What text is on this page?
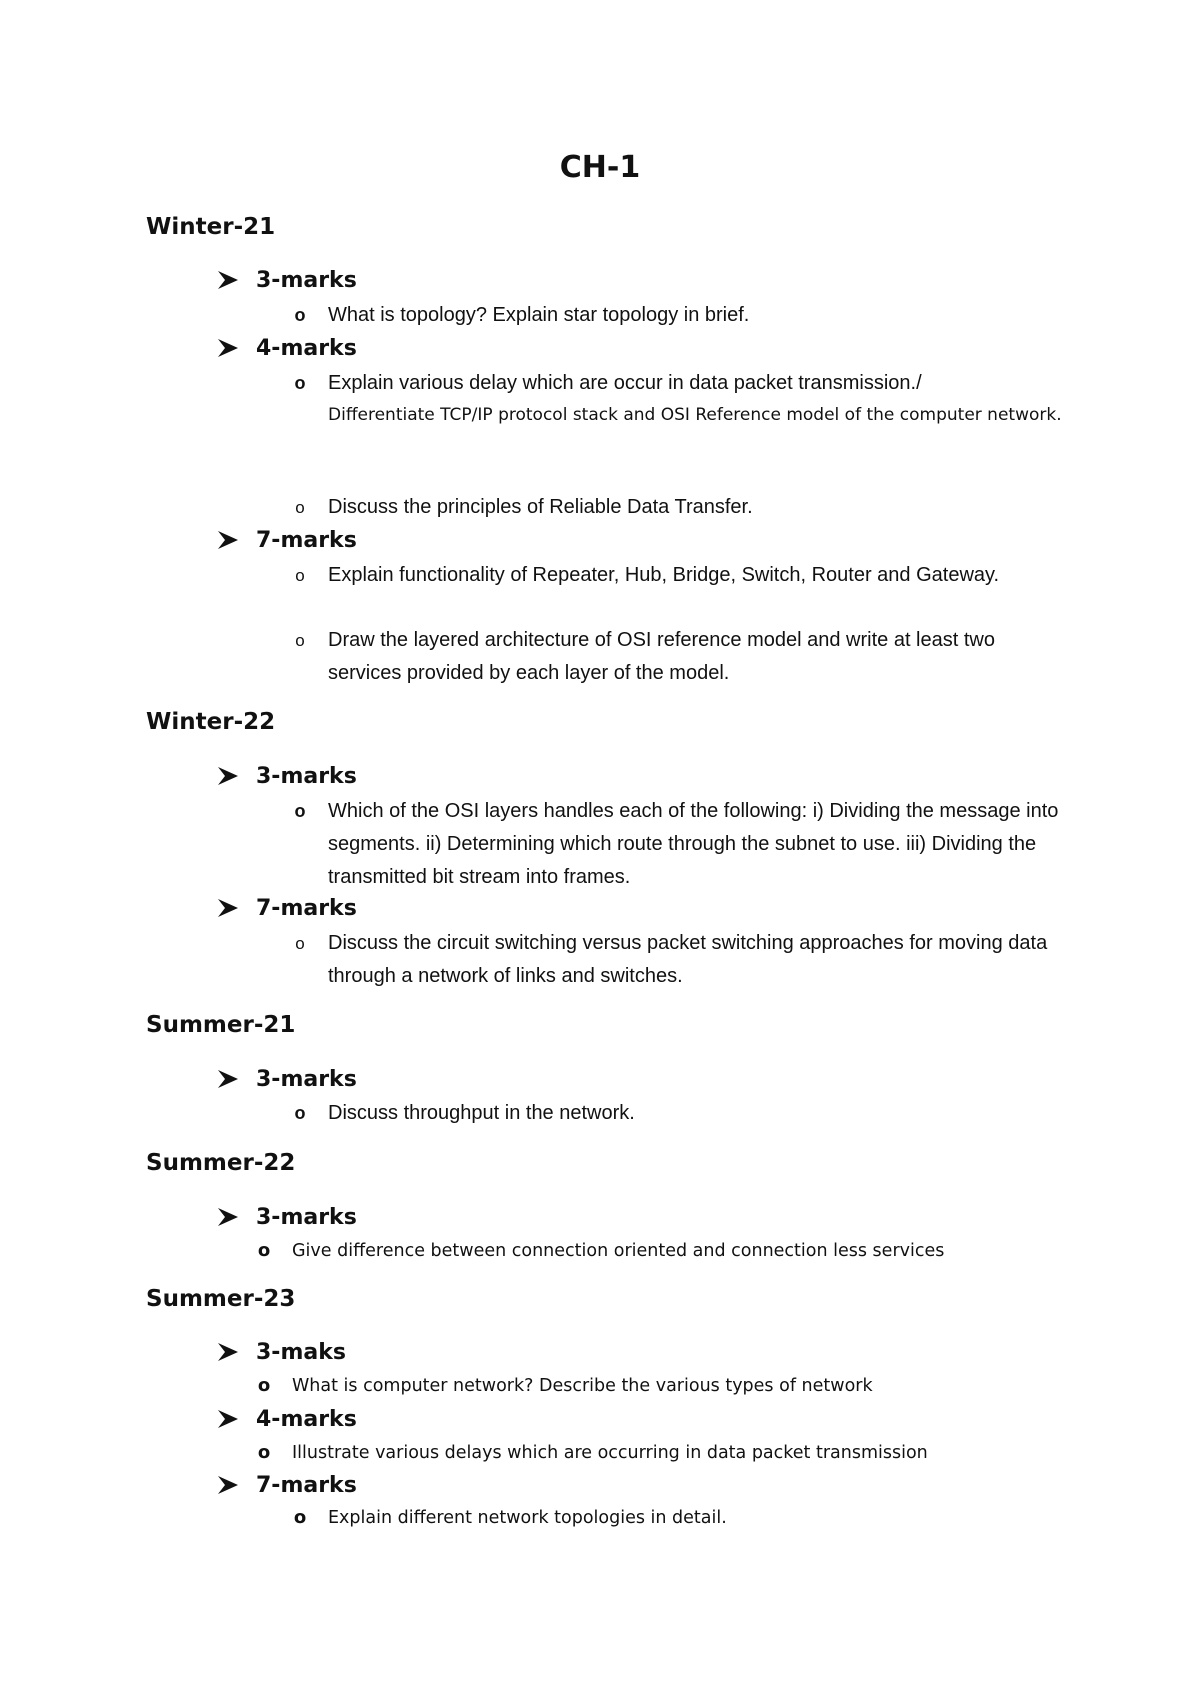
CH-1
Winter-21
3-marks
o	What is topology? Explain star topology in brief.
4-marks
o	Explain various delay which are occur in data packet transmission./
Differentiate TCP/IP protocol stack and OSI Reference model of the computer network.
o	Discuss the principles of Reliable Data Transfer.
7-marks
o	Explain functionality of Repeater, Hub, Bridge, Switch, Router and Gateway.
o	Draw the layered architecture of OSI reference model and write at least two services provided by each layer of the model.
Winter-22
3-marks
o	Which of the OSI layers handles each of the following: i) Dividing the message into segments. ii) Determining which route through the subnet to use. iii) Dividing the transmitted bit stream into frames.
7-marks
o	Discuss the circuit switching versus packet switching approaches for moving data through a network of links and switches.
Summer-21
3-marks
o	Discuss throughput in the network.
Summer-22
3-marks
o	Give difference between connection oriented and connection less services
Summer-23
3-maks
o	What is computer network? Describe the various types of network
4-marks
o	Illustrate various delays which are occurring in data packet transmission
7-marks
o	Explain different network topologies in detail.
